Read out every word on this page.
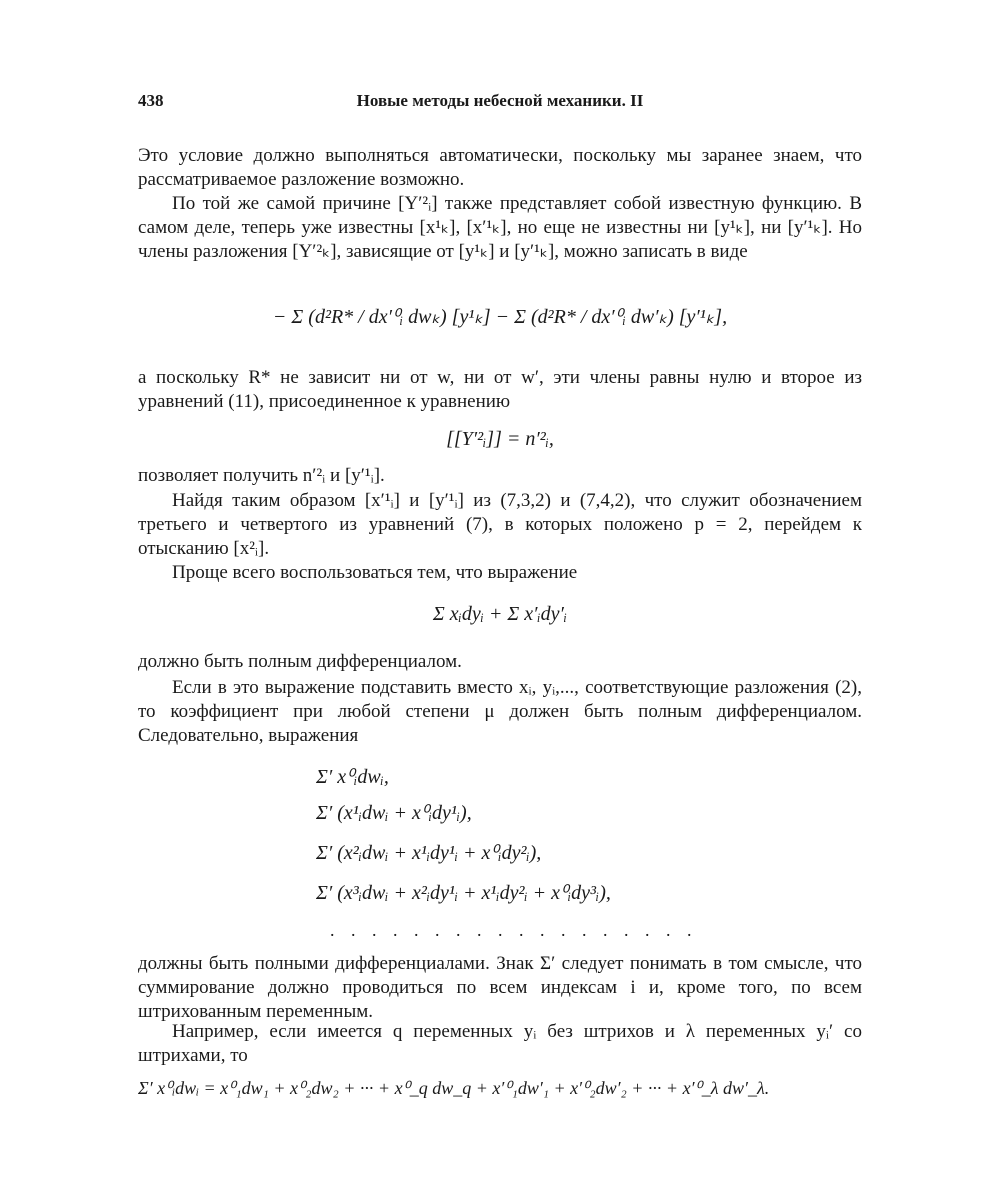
438	Новые методы небесной механики. II
Это условие должно выполняться автоматически, поскольку мы заранее знаем, что рассматриваемое разложение возможно.
По той же самой причине [Y′²ᵢ] также представляет собой известную функцию. В самом деле, теперь уже известны [x¹ₖ], [x′¹ₖ], но еще не известны ни [y¹ₖ], ни [y′¹ₖ]. Но члены разложения [Y′²ₖ], зависящие от [y¹ₖ] и [y′¹ₖ], можно записать в виде
− Σ (d²R* / dx′⁰ᵢ dwₖ) [y¹ₖ] − Σ (d²R* / dx′⁰ᵢ dw′ₖ) [y′¹ₖ],
а поскольку R* не зависит ни от w, ни от w′, эти члены равны нулю и второе из уравнений (11), присоединенное к уравнению
[[Y′²ᵢ]] = n′²ᵢ,
позволяет получить n′²ᵢ и [y′¹ᵢ].
Найдя таким образом [x′¹ᵢ] и [y′¹ᵢ] из (7,3,2) и (7,4,2), что служит обозначением третьего и четвертого из уравнений (7), в которых положено p = 2, перейдем к отысканию [x²ᵢ].
Проще всего воспользоваться тем, что выражение
Σ xᵢdyᵢ + Σ x′ᵢdy′ᵢ
должно быть полным дифференциалом.
Если в это выражение подставить вместо xᵢ, yᵢ,..., соответствующие разложения (2), то коэффициент при любой степени μ должен быть полным дифференциалом. Следовательно, выражения
Σ′ x⁰ᵢdwᵢ,
Σ′ (x¹ᵢdwᵢ + x⁰ᵢdy¹ᵢ),
Σ′ (x²ᵢdwᵢ + x¹ᵢdy¹ᵢ + x⁰ᵢdy²ᵢ),
Σ′ (x³ᵢdwᵢ + x²ᵢdy¹ᵢ + x¹ᵢdy²ᵢ + x⁰ᵢdy³ᵢ),
. . . . . . . . . . . . . . . . . .
должны быть полными дифференциалами. Знак Σ′ следует понимать в том смысле, что суммирование должно проводиться по всем индексам i и, кроме того, по всем штрихованным переменным.
Например, если имеется q переменных yᵢ без штрихов и λ переменных yᵢ′ со штрихами, то
Σ′ x⁰ᵢdwᵢ = x⁰₁dw₁ + x⁰₂dw₂ + ··· + x⁰_q dw_q + x′⁰₁dw′₁ + x′⁰₂dw′₂ + ··· + x′⁰_λ dw′_λ.
